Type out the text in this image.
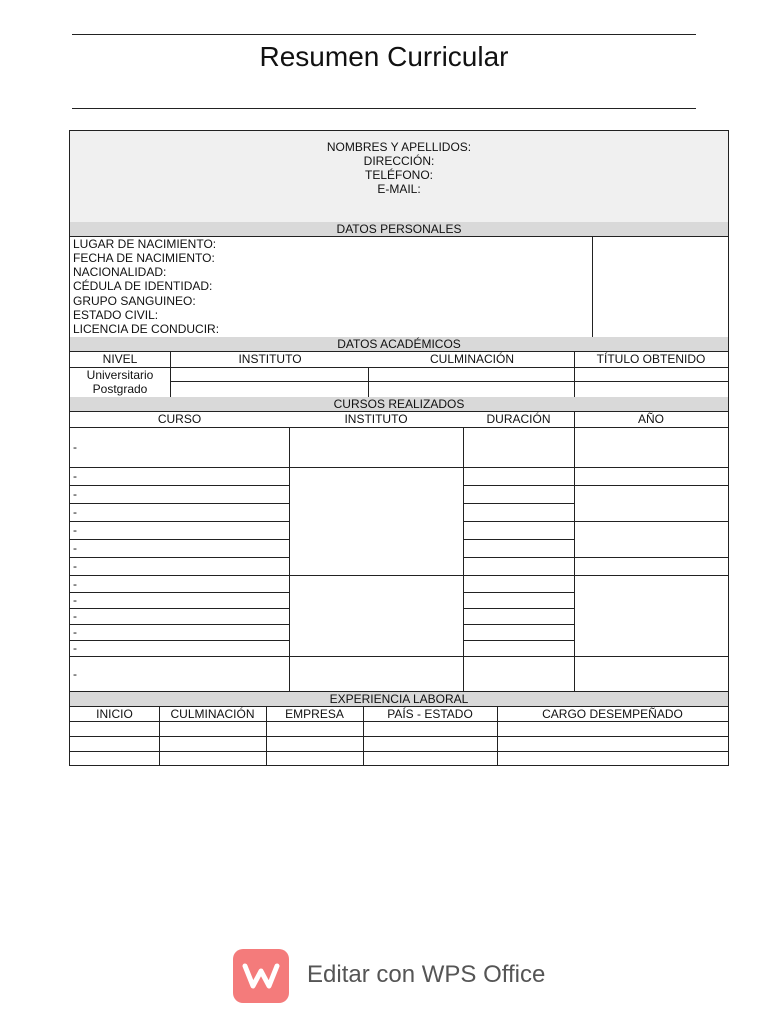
Resumen Curricular
NOMBRES Y APELLIDOS:
DIRECCIÓN:
TELÉFONO:
E-MAIL:
DATOS PERSONALES
LUGAR DE NACIMIENTO:
FECHA DE NACIMIENTO:
NACIONALIDAD:
CÉDULA DE IDENTIDAD:
GRUPO SANGUINEO:
ESTADO CIVIL:
LICENCIA DE CONDUCIR:
DATOS ACADÉMICOS
NIVEL	INSTITUTO	CULMINACIÓN	TÍTULO OBTENIDO
Universitario
Postgrado
CURSOS REALIZADOS
CURSO	INSTITUTO	DURACIÓN	AÑO
-
-
-
-
-
-
-
-
-
-
-
-
-
EXPERIENCIA LABORAL
INICIO	CULMINACIÓN	EMPRESA	PAÍS - ESTADO	CARGO DESEMPEÑADO
Editar con WPS Office
